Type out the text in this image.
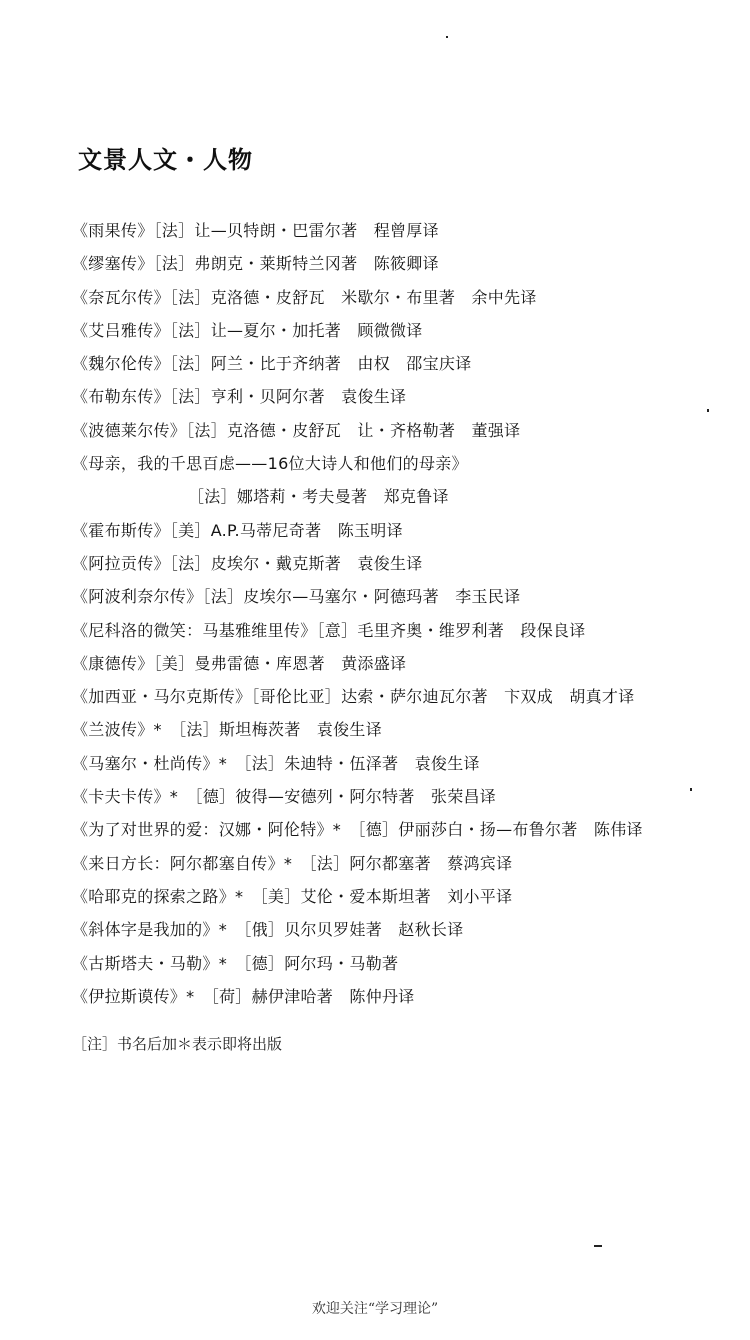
文景人文・人物
《雨果传》［法］让—贝特朗・巴雷尔著　程曾厚译
《缪塞传》［法］弗朗克・莱斯特兰冈著　陈筱卿译
《奈瓦尔传》［法］克洛德・皮舒瓦　米歇尔・布里著　余中先译
《艾吕雅传》［法］让—夏尔・加托著　顾微微译
《魏尔伦传》［法］阿兰・比于齐纳著　由权　邵宝庆译
《布勒东传》［法］亨利・贝阿尔著　袁俊生译
《波德莱尔传》［法］克洛德・皮舒瓦　让・齐格勒著　董强译
《母亲，我的千思百虑——16位大诗人和他们的母亲》
［法］娜塔莉・考夫曼著　郑克鲁译
《霍布斯传》［美］A.P.马蒂尼奇著　陈玉明译
《阿拉贡传》［法］皮埃尔・戴克斯著　袁俊生译
《阿波利奈尔传》［法］皮埃尔—马塞尔・阿德玛著　李玉民译
《尼科洛的微笑：马基雅维里传》［意］毛里齐奥・维罗利著　段保良译
《康德传》［美］曼弗雷德・库恩著　黄添盛译
《加西亚・马尔克斯传》［哥伦比亚］达索・萨尔迪瓦尔著　卞双成　胡真才译
《兰波传》*　［法］斯坦梅茨著　袁俊生译
《马塞尔・杜尚传》*　［法］朱迪特・伍泽著　袁俊生译
《卡夫卡传》*　［德］彼得—安德列・阿尔特著　张荣昌译
《为了对世界的爱：汉娜・阿伦特》*　［德］伊丽莎白・扬—布鲁尔著　陈伟译
《来日方长：阿尔都塞自传》*　［法］阿尔都塞著　蔡鸿宾译
《哈耶克的探索之路》*　［美］艾伦・爱本斯坦著　刘小平译
《斜体字是我加的》*　［俄］贝尔贝罗娃著　赵秋长译
《古斯塔夫・马勒》*　［德］阿尔玛・马勒著
《伊拉斯谟传》*　［荷］赫伊津哈著　陈仲丹译
［注］书名后加＊表示即将出版
欢迎关注“学习理论”
